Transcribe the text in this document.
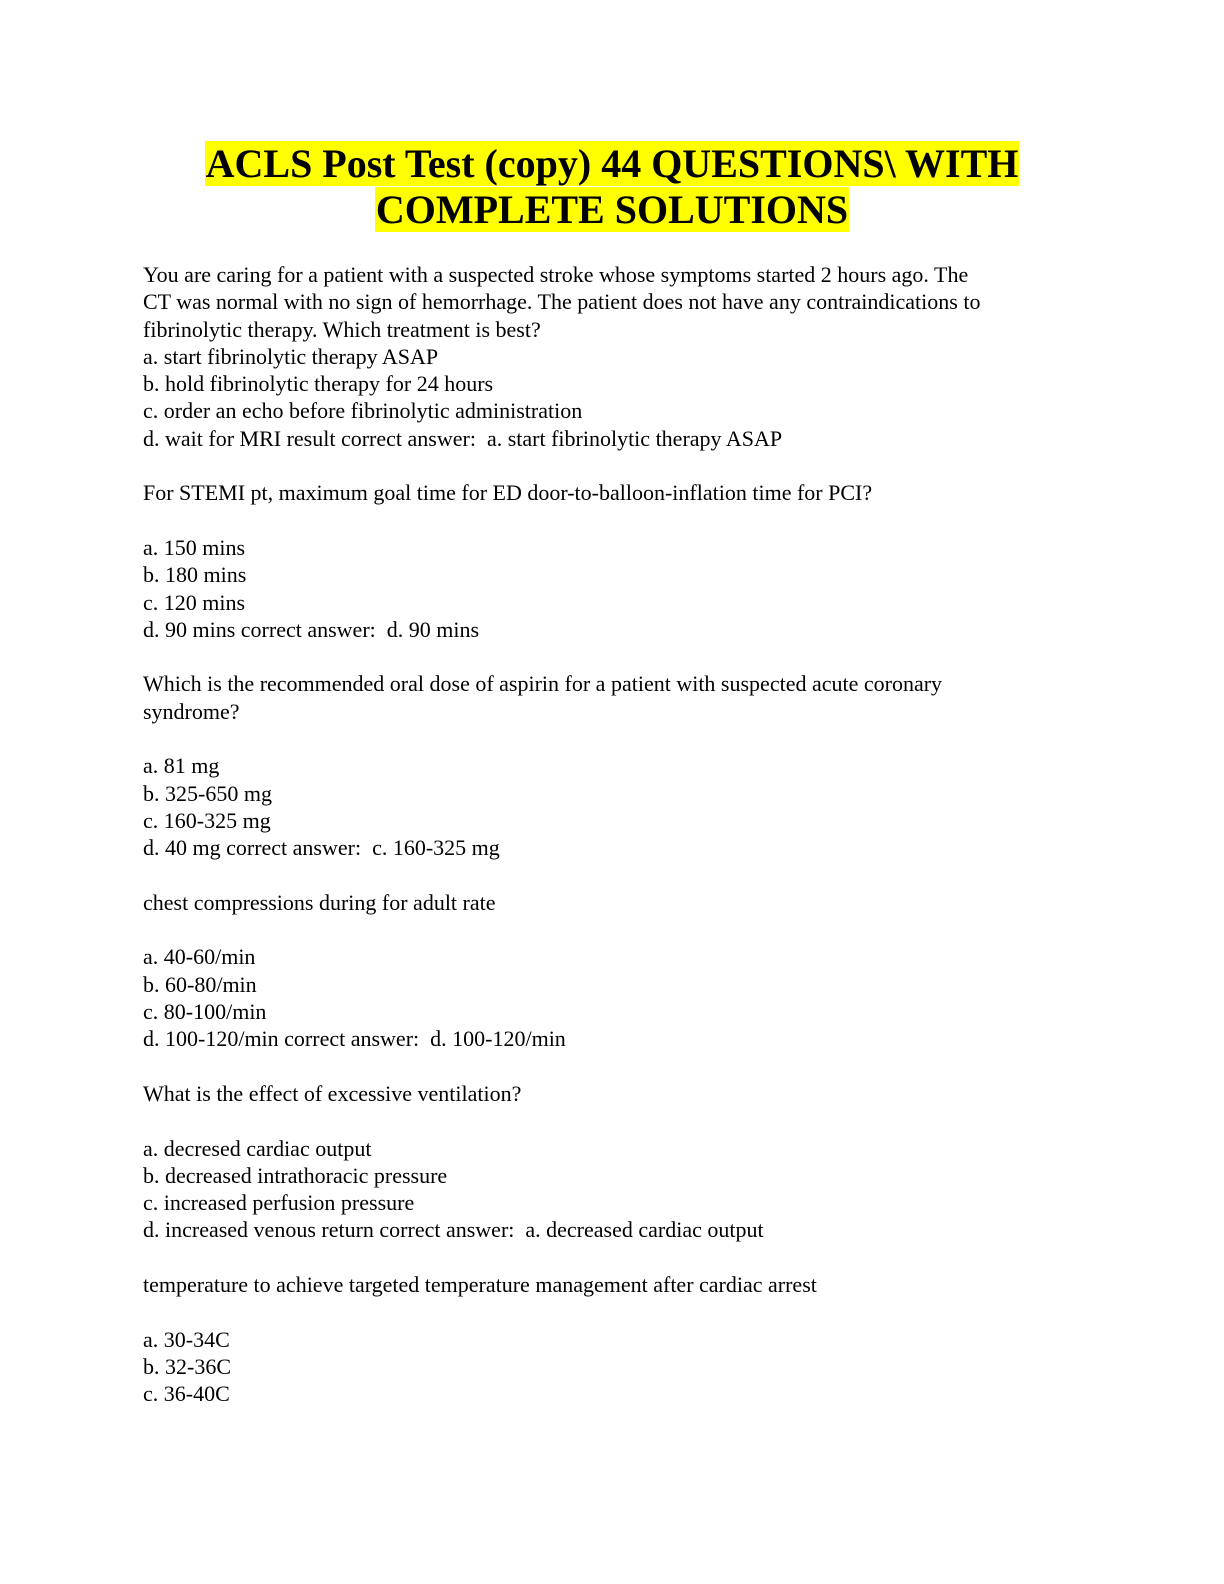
ACLS Post Test (copy) 44 QUESTIONS\ WITH
COMPLETE SOLUTIONS
You are caring for a patient with a suspected stroke whose symptoms started 2 hours ago. The
CT was normal with no sign of hemorrhage. The patient does not have any contraindications to
fibrinolytic therapy. Which treatment is best?
a. start fibrinolytic therapy ASAP
b. hold fibrinolytic therapy for 24 hours
c. order an echo before fibrinolytic administration
d. wait for MRI result correct answer:  a. start fibrinolytic therapy ASAP
For STEMI pt, maximum goal time for ED door-to-balloon-inflation time for PCI?
a. 150 mins
b. 180 mins
c. 120 mins
d. 90 mins correct answer:  d. 90 mins
Which is the recommended oral dose of aspirin for a patient with suspected acute coronary
syndrome?
a. 81 mg
b. 325-650 mg
c. 160-325 mg
d. 40 mg correct answer:  c. 160-325 mg
chest compressions during for adult rate
a. 40-60/min
b. 60-80/min
c. 80-100/min
d. 100-120/min correct answer:  d. 100-120/min
What is the effect of excessive ventilation?
a. decresed cardiac output
b. decreased intrathoracic pressure
c. increased perfusion pressure
d. increased venous return correct answer:  a. decreased cardiac output
temperature to achieve targeted temperature management after cardiac arrest
a. 30-34C
b. 32-36C
c. 36-40C
